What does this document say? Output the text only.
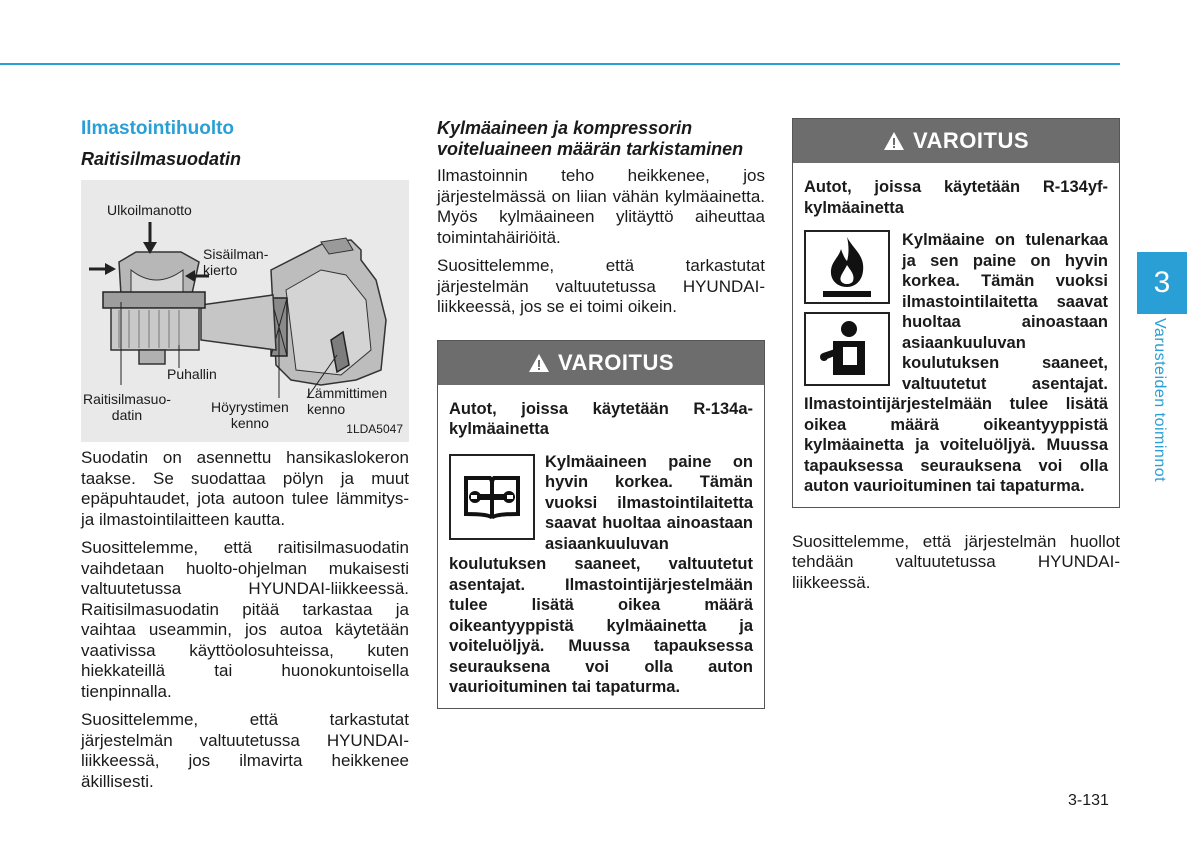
Ilmastointihuolto
Raitisilmasuodatin
Ulkoilmanotto
Sisäilman-
kierto
Puhallin
Raitisilmasuo-
datin	Höyrystimen
kenno
Lämmittimen
kenno
1LDA5047

Suodatin on asennettu hansikaslokeron taakse. Se suodattaa pölyn ja muut epäpuhtaudet, jota autoon tulee lämmitys- ja ilmastointilaitteen kautta.

Suosittelemme, että raitisilmasuodatin vaihdetaan huolto-ohjelman mukaisesti valtuutetussa HYUNDAI-liikkeessä. Raitisilmasuodatin pitää tarkastaa ja vaihtaa useammin, jos autoa käytetään vaativissa käyttöolosuhteissa, kuten hiekkateillä tai huonokuntoisella tienpinnalla.

Suosittelemme, että tarkastutat järjestelmän valtuutetussa HYUNDAI-liikkeessä, jos ilmavirta heikkenee äkillisesti.

Kylmäaineen ja kompressorin voiteluaineen määrän tarkistaminen

Ilmastoinnin teho heikkenee, jos järjestelmässä on liian vähän kylmäainetta. Myös kylmäaineen ylitäyttö aiheuttaa toimintahäiriöitä.

Suosittelemme, että tarkastutat järjestelmän valtuutetussa HYUNDAI-liikkeessä, jos se ei toimi oikein.

VAROITUS
Autot, joissa käytetään R-134a-kylmäainetta
Kylmäaineen paine on hyvin korkea. Tämän vuoksi ilmastointilaitetta saavat huoltaa ainoastaan asiaankuuluvan koulutuksen saaneet, valtuutetut asentajat. Ilmastointijärjestelmään tulee lisätä oikea määrä oikeantyyppistä kylmäainetta ja voiteluöljyä. Muussa tapauksessa seurauksena voi olla auton vaurioituminen tai tapaturma.
VAROITUS
Autot, joissa käytetään R-134yf-kylmäainetta
Kylmäaine on tulenarkaa ja sen paine on hyvin korkea. Tämän vuoksi ilmastointilaitetta saavat huoltaa ainoastaan asiaankuuluvan koulutuksen saaneet, valtuutetut asentajat. Ilmastointijärjestelmään tulee lisätä oikea määrä oikeantyyppistä kylmäainetta ja voiteluöljyä. Muussa tapauksessa seurauksena voi olla auton vaurioituminen tai tapaturma.

Suosittelemme, että järjestelmän huollot tehdään valtuutetussa HYUNDAI-liikkeessä.

3
Varusteiden toiminnot
3-131
